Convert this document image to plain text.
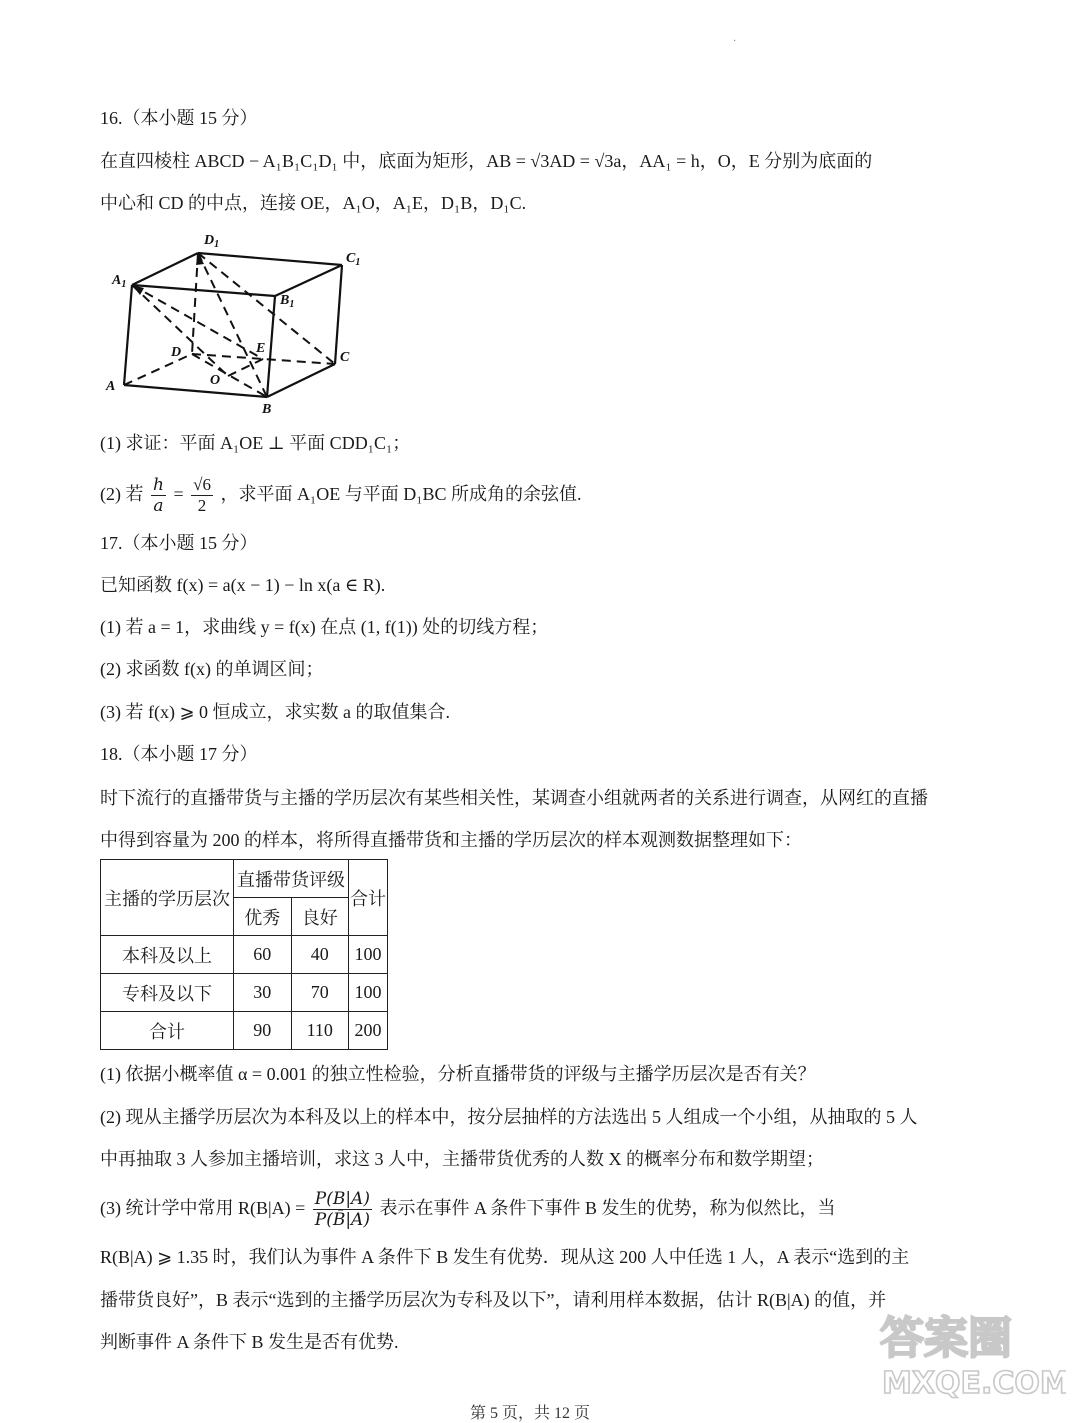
·
16.（本小题 15 分）
在直四棱柱 ABCD − A₁B₁C₁D₁ 中，底面为矩形，AB = √3AD = √3a，AA₁ = h，O，E 分别为底面的
中心和 CD 的中点，连接 OE，A₁O，A₁E，D₁B，D₁C.
A
B
C
D
O
E
$A_1$
$B_1$
$C_1$
$D_1$
(1) 求证：平面 A₁OE ⊥ 平面 CDD₁C₁；
(2) 若 $\frac{h}{a} = \frac{√6}{2}$ ，求平面 A₁OE 与平面 D₁BC 所成角的余弦值.
17.（本小题 15 分）
已知函数 f(x) = a(x − 1) − ln x(a ∈ R).
(1) 若 a = 1，求曲线 y = f(x) 在点 (1, f(1)) 处的切线方程；
(2) 求函数 f(x) 的单调区间；
(3) 若 f(x) ⩾ 0 恒成立，求实数 a 的取值集合.
18.（本小题 17 分）
时下流行的直播带货与主播的学历层次有某些相关性，某调查小组就两者的关系进行调查，从网红的直播
中得到容量为 200 的样本，将所得直播带货和主播的学历层次的样本观测数据整理如下：
主播的学历层次	直播带货评级		合计
	优秀	良好	
本科及以上	60	40	100
专科及以下	30	70	100
合计	90	110	200
(1) 依据小概率值 α = 0.001 的独立性检验，分析直播带货的评级与主播学历层次是否有关？
(2) 现从主播学历层次为本科及以上的样本中，按分层抽样的方法选出 5 人组成一个小组，从抽取的 5 人
中再抽取 3 人参加主播培训，求这 3 人中，主播带货优秀的人数 X 的概率分布和数学期望；
(3) 统计学中常用 $R(B|A) = \frac{P(B|A)}{P(B̄|A)}$ 表示在事件 A 条件下事件 B 发生的优势，称为似然比，当
R(B|A) ⩾ 1.35 时，我们认为事件 A 条件下 B 发生有优势．现从这 200 人中任选 1 人，A 表示“选到的主
播带货良好”，B 表示“选到的主播学历层次为专科及以下”，请利用样本数据，估计 R(B|A) 的值，并
判断事件 A 条件下 B 发生是否有优势.	答案圈
MXQE.COM
第 5 页，共 12 页
